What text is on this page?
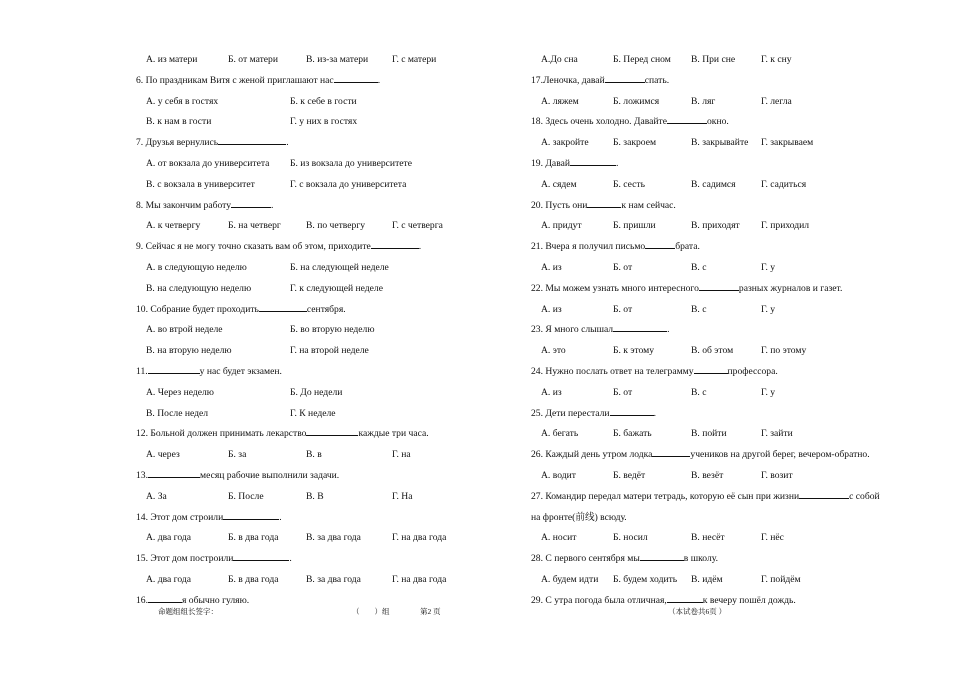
А. из матери	Б. от матери	В. из-за матери Г. с матери
6. По праздникам Витя с женой приглашают нас	.
А. у себя в гостях	Б. к себе в гости
В. к нам в гости	Г. у них в гостях
7. Друзья вернулись	.
А. от вокзала до университета Б. из вокзала до университете
В. с вокзала в университет	Г. с вокзала до университета
8. Мы закончим работу	.
А. к четвергу	Б. на четверг	В. по четвергу	Г. с четверга
9. Сейчас я не могу точно сказать вам об этом, приходите	.
А. в следующую неделю	Б. на следующей неделе
В. на следующую неделю	Г. к следующей неделе
10. Собрание будет проходить	сентября.
А. во втрой неделе	Б. во вторую неделю
В. на вторую неделю	Г. на второй неделе
11.	у нас будет экзамен.
А. Через неделю	Б. До недели
В. После недел	Г. К неделе
12. Больной должен принимать лекарство	каждые три часа.
А. через	Б. за	В. в	Г. на
13.	месяц рабочие выполнили задачи.
А. За	Б. После	В. В	Г. На
14. Этот дом строили	.
А. два года	Б. в два года	В. за два года	Г. на два года
15. Этот дом построили	.
А. два года	Б. в два года	В. за два года	Г. на два года
16.	я обычно гуляю.
А.До сна	Б. Перед сном В. При сне	Г. к сну
17.Леночка, давай	спать.
А. ляжем	Б. ложимся	В. ляг	Г. легла
18. Здесь очень холодно. Давайте	окно.
А. закройте	Б. закроем	В. закрывайте Г. закрываем
19. Давай	.
А. сядем	Б. сесть	В. садимся	Г. садиться
20. Пусть они	к нам сейчас.
А. придут	Б. пришли	В. приходят Г. приходил
21. Вчера я получил письмо	брата.
А. из	Б. от	В. с	Г. у
22. Мы можем узнать много интересного	разных журналов и газет.
А. из	Б. от	В. с	Г. у
23. Я много слышал	.
А. это	Б. к этому	В. об этом	Г. по этому
24. Нужно послать ответ на телеграмму	профессора.
А. из	Б. от	В. с	Г. у
25. Дети перестали	.
А. бегать	Б. бажать	В. пойти	Г. зайти
26. Каждый день утром лодка	учеников на другой берег, вечером-обратно.
А. водит	Б. ведёт	В. везёт	Г. возит
27. Командир передал матери тетрадь, которую её сын при жизни	с собой
на фронте(前线) всюду.
А. носит	Б. носил	В. несёт	Г. нёс
28. С первого сентября мы	в школу.
А. будем идти Б. будем ходить В. идём	Г. пойдём
29. С утра погода была отличная,	к вечеру пошёл дождь.
命题组组长签字：	（　　）组	第2 页	（本试卷共6页 ）
